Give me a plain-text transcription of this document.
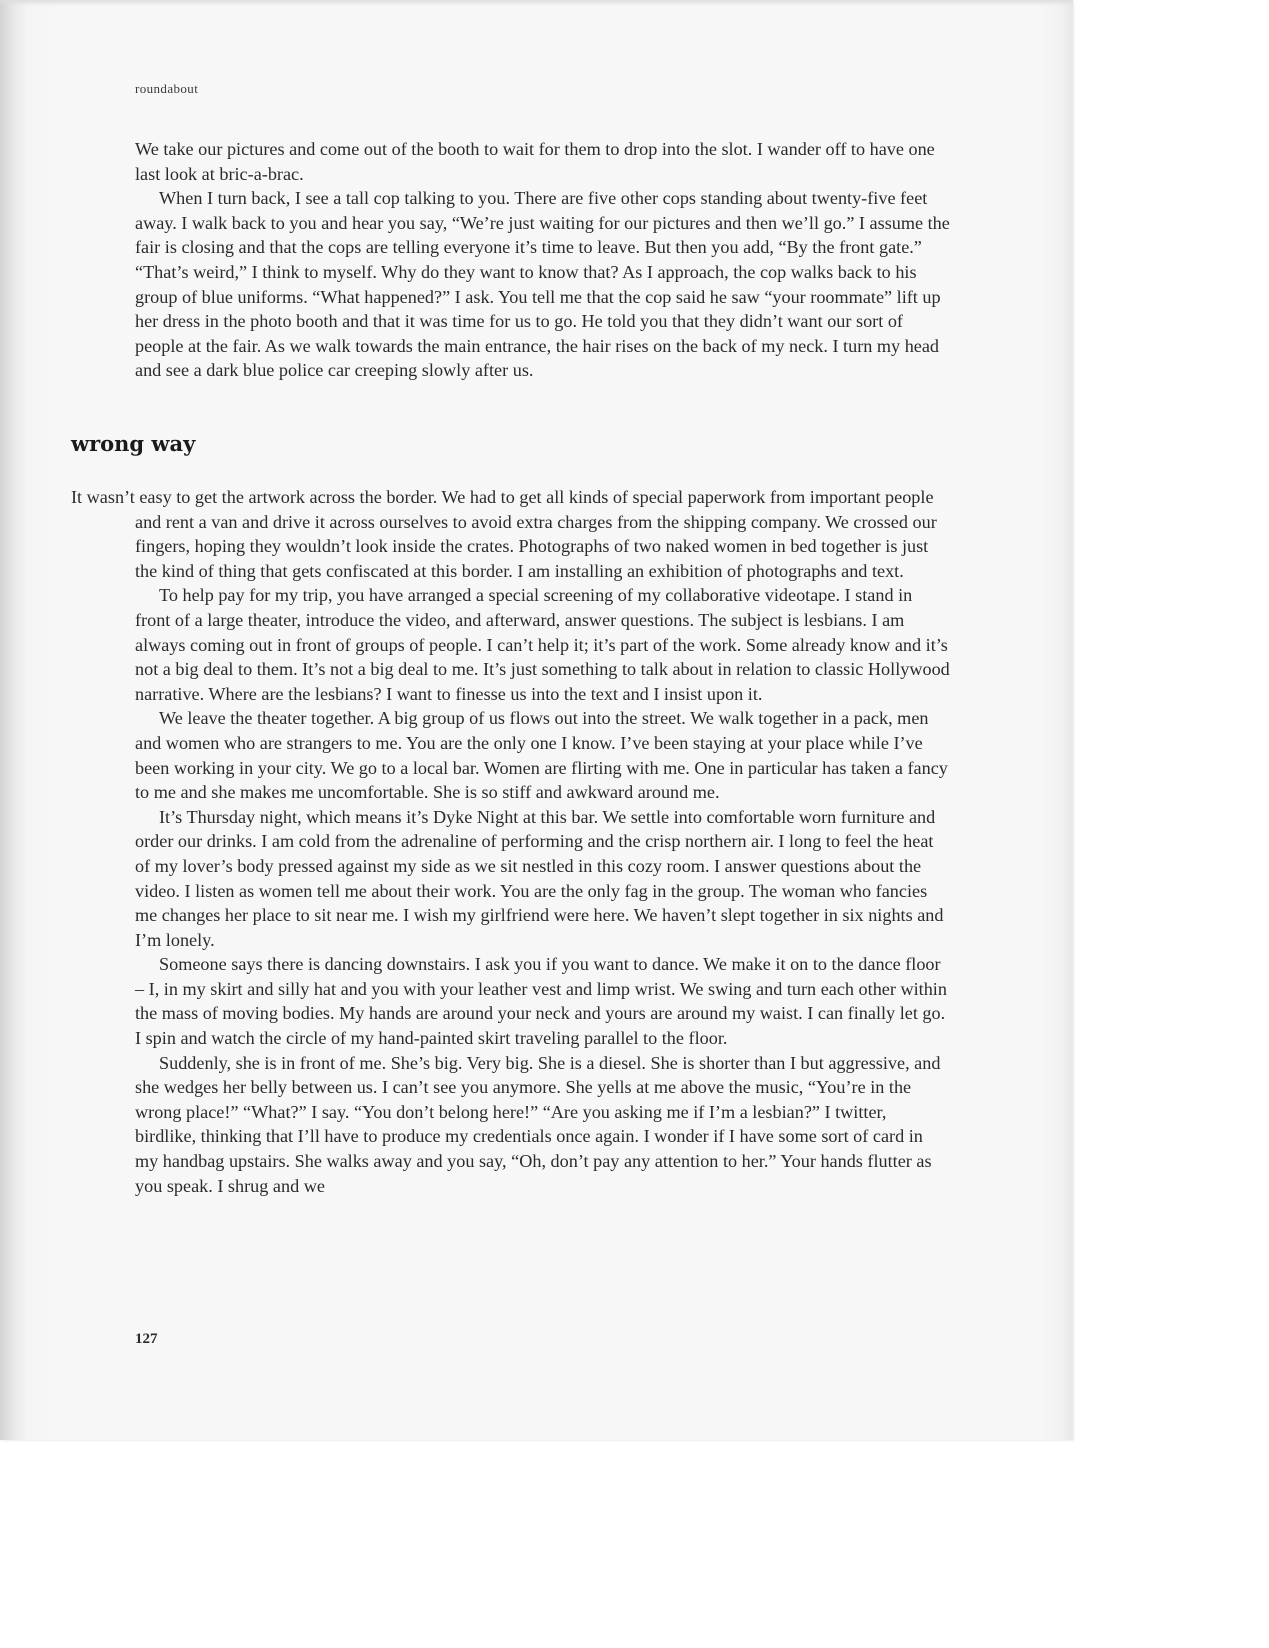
roundabout

We take our pictures and come out of the booth to wait for them to drop into the slot. I wander off to have one last look at bric-a-brac.

When I turn back, I see a tall cop talking to you. There are five other cops standing about twenty-five feet away. I walk back to you and hear you say, “We’re just waiting for our pictures and then we’ll go.” I assume the fair is closing and that the cops are telling everyone it’s time to leave. But then you add, “By the front gate.” “That’s weird,” I think to myself. Why do they want to know that? As I approach, the cop walks back to his group of blue uniforms. “What happened?” I ask. You tell me that the cop said he saw “your roommate” lift up her dress in the photo booth and that it was time for us to go. He told you that they didn’t want our sort of people at the fair. As we walk towards the main entrance, the hair rises on the back of my neck. I turn my head and see a dark blue police car creeping slowly after us.

wrong way

It wasn’t easy to get the artwork across the border. We had to get all kinds of special paperwork from important people and rent a van and drive it across ourselves to avoid extra charges from the shipping company. We crossed our fingers, hoping they wouldn’t look inside the crates. Photographs of two naked women in bed together is just the kind of thing that gets confiscated at this border. I am installing an exhibition of photographs and text.

To help pay for my trip, you have arranged a special screening of my collaborative videotape. I stand in front of a large theater, introduce the video, and afterward, answer questions. The subject is lesbians. I am always coming out in front of groups of people. I can’t help it; it’s part of the work. Some already know and it’s not a big deal to them. It’s not a big deal to me. It’s just something to talk about in relation to classic Hollywood narrative. Where are the lesbians? I want to finesse us into the text and I insist upon it.

We leave the theater together. A big group of us flows out into the street. We walk together in a pack, men and women who are strangers to me. You are the only one I know. I’ve been staying at your place while I’ve been working in your city. We go to a local bar. Women are flirting with me. One in particular has taken a fancy to me and she makes me uncomfortable. She is so stiff and awkward around me.

It’s Thursday night, which means it’s Dyke Night at this bar. We settle into comfortable worn furniture and order our drinks. I am cold from the adrenaline of performing and the crisp northern air. I long to feel the heat of my lover’s body pressed against my side as we sit nestled in this cozy room. I answer questions about the video. I listen as women tell me about their work. You are the only fag in the group. The woman who fancies me changes her place to sit near me. I wish my girlfriend were here. We haven’t slept together in six nights and I’m lonely.

Someone says there is dancing downstairs. I ask you if you want to dance. We make it on to the dance floor – I, in my skirt and silly hat and you with your leather vest and limp wrist. We swing and turn each other within the mass of moving bodies. My hands are around your neck and yours are around my waist. I can finally let go. I spin and watch the circle of my hand-painted skirt traveling parallel to the floor.

Suddenly, she is in front of me. She’s big. Very big. She is a diesel. She is shorter than I but aggressive, and she wedges her belly between us. I can’t see you anymore. She yells at me above the music, “You’re in the wrong place!” “What?” I say. “You don’t belong here!” “Are you asking me if I’m a lesbian?” I twitter, birdlike, thinking that I’ll have to produce my credentials once again. I wonder if I have some sort of card in my handbag upstairs. She walks away and you say, “Oh, don’t pay any attention to her.” Your hands flutter as you speak. I shrug and we

127
